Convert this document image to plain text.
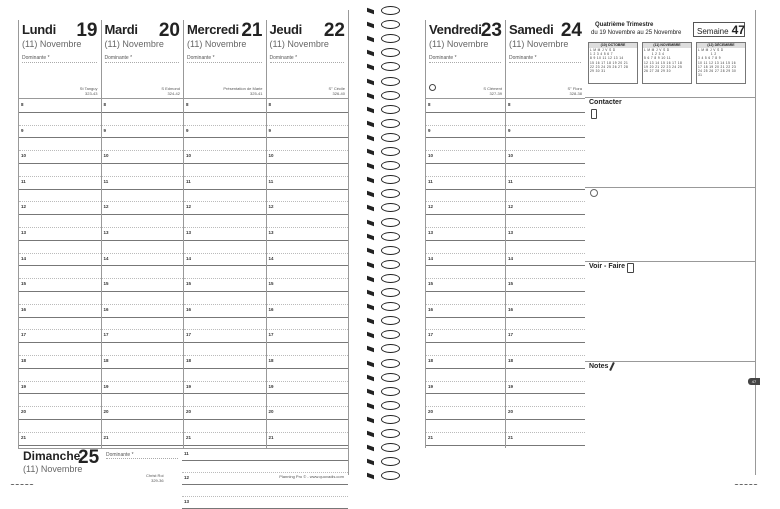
Lundi 19
(11) Novembre
Dominante *
St Tanguy
323-43
8
9
10
11
12
13
14
15
16
17
18
19
20
21
Mardi 20
(11) Novembre
Dominante *
S Edmond
324-42
8
9
10
11
12
13
14
15
16
17
18
19
20
21
Mercredi 21
(11) Novembre
Dominante *
Présentation de Marie
325-41
8
9
10
11
12
13
14
15
16
17
18
19
20
21
Jeudi 22
(11) Novembre
Dominante *
S° Cécile
326-40
8
9
10
11
12
13
14
15
16
17
18
19
20
21
Dimanche
25
(11) Novembre
Dominante *
Christ Roi
329-36
11
12
13
Planning Pro © - www.quovadis.com
Vendredi 23
(11) Novembre
Dominante *
S Clément
327-39
8
9
10
11
12
13
14
15
16
17
18
19
20
21
Samedi 24
(11) Novembre
Dominante *
S° Flora
328-38
8
9
10
11
12
13
14
15
16
17
18
19
20
21
Quatrième Trimestre
du 19 Novembre au 25 Novembre	Semaine 47
(10) OCTOBRE
L M M J V S D
1 2 3 4 5 6 7
8 9 10 11 12 13 14
15 16 17 18 19 20 21
22 23 24 25 26 27 28
29 30 31
(11) NOVEMBRE
L M M J V S D
1 2 3 4
5 6 7 8 9 10 11
12 13 14 15 16 17 18
19 20 21 22 23 24 25
26 27 28 29 30
(12) DÉCEMBRE
L M M J V S D
1 2
3 4 5 6 7 8 9
10 11 12 13 14 15 16
17 18 19 20 21 22 23
24 25 26 27 28 29 30
31
Contacter
Voir - Faire
Notes
47
